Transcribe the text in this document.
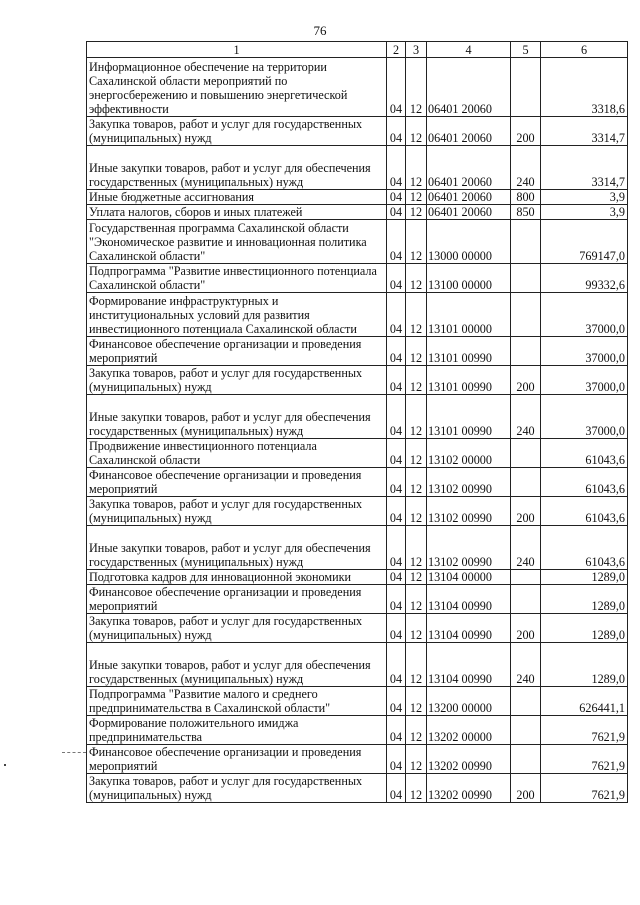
76
1	2	3	4	5	6
Информационное обеспечение на территории Сахалинской области мероприятий по энергосбережению и повышению энергетической эффективности	04	12	06401 20060		3318,6
Закупка товаров, работ и услуг для государственных (муниципальных) нужд	04	12	06401 20060	200	3314,7
Иные закупки товаров, работ и услуг для обеспечения государственных (муниципальных) нужд	04	12	06401 20060	240	3314,7
Иные бюджетные ассигнования	04	12	06401 20060	800	3,9
Уплата налогов, сборов и иных платежей	04	12	06401 20060	850	3,9
Государственная программа Сахалинской области "Экономическое развитие и инновационная политика Сахалинской области"	04	12	13000 00000		769147,0
Подпрограмма "Развитие инвестиционного потенциала Сахалинской области"	04	12	13100 00000		99332,6
Формирование инфраструктурных и институциональных условий для развития инвестиционного потенциала Сахалинской области	04	12	13101 00000		37000,0
Финансовое обеспечение организации и проведения мероприятий	04	12	13101 00990		37000,0
Закупка товаров, работ и услуг для государственных (муниципальных) нужд	04	12	13101 00990	200	37000,0
Иные закупки товаров, работ и услуг для обеспечения государственных (муниципальных) нужд	04	12	13101 00990	240	37000,0
Продвижение инвестиционного потенциала Сахалинской области	04	12	13102 00000		61043,6
Финансовое обеспечение организации и проведения мероприятий	04	12	13102 00990		61043,6
Закупка товаров, работ и услуг для государственных (муниципальных) нужд	04	12	13102 00990	200	61043,6
Иные закупки товаров, работ и услуг для обеспечения государственных (муниципальных) нужд	04	12	13102 00990	240	61043,6
Подготовка кадров для инновационной экономики	04	12	13104 00000		1289,0
Финансовое обеспечение организации и проведения мероприятий	04	12	13104 00990		1289,0
Закупка товаров, работ и услуг для государственных (муниципальных) нужд	04	12	13104 00990	200	1289,0
Иные закупки товаров, работ и услуг для обеспечения государственных (муниципальных) нужд	04	12	13104 00990	240	1289,0
Подпрограмма "Развитие малого и среднего предпринимательства в Сахалинской области"	04	12	13200 00000		626441,1
Формирование положительного имиджа предпринимательства	04	12	13202 00000		7621,9
Финансовое обеспечение организации и проведения мероприятий	04	12	13202 00990		7621,9
Закупка товаров, работ и услуг для государственных (муниципальных) нужд	04	12	13202 00990	200	7621,9
